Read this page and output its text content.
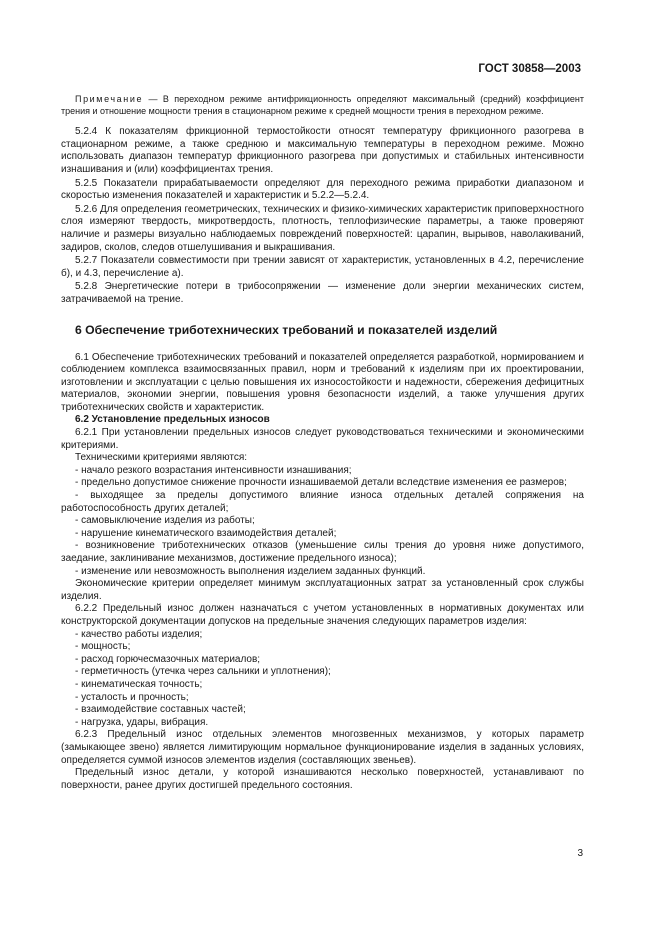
ГОСТ 30858—2003

Примечание — В переходном режиме антифрикционность определяют максимальный (средний) коэффициент трения и отношение мощности трения в стационарном режиме к средней мощности трения в переходном режиме.

5.2.4 К показателям фрикционной термостойкости относят температуру фрикционного разогрева в стационарном режиме, а также среднюю и максимальную температуры в переходном режиме. Можно использовать диапазон температур фрикционного разогрева при допустимых и стабильных интенсивности изнашивания и (или) коэффициентах трения.

5.2.5 Показатели прирабатываемости определяют для переходного режима приработки диапазоном и скоростью изменения показателей и характеристик и 5.2.2—5.2.4.

5.2.6 Для определения геометрических, технических и физико-химических характеристик приповерхностного слоя измеряют твердость, микротвердость, плотность, теплофизические параметры, а также проверяют наличие и размеры визуально наблюдаемых повреждений поверхностей: царапин, вырывов, наволакиваний, задиров, сколов, следов отшелушивания и выкрашивания.

5.2.7 Показатели совместимости при трении зависят от характеристик, установленных в 4.2, перечисление б), и 4.3, перечисление а).

5.2.8 Энергетические потери в трибосопряжении — изменение доли энергии механических систем, затрачиваемой на трение.

6 Обеспечение триботехнических требований и показателей изделий

6.1 Обеспечение триботехнических требований и показателей определяется разработкой, нормированием и соблюдением комплекса взаимосвязанных правил, норм и требований к изделиям при их проектировании, изготовлении и эксплуатации с целью повышения их износостойкости и надежности, сбережения дефицитных материалов, экономии энергии, повышения уровня безопасности изделий, а также улучшения других триботехнических свойств и характеристик.

6.2 Установление предельных износов

6.2.1 При установлении предельных износов следует руководствоваться техническими и экономическими критериями.

Техническими критериями являются:

- начало резкого возрастания интенсивности изнашивания;

- предельно допустимое снижение прочности изнашиваемой детали вследствие изменения ее размеров;

- выходящее за пределы допустимого влияние износа отдельных деталей сопряжения на работоспособность других деталей;

- самовыключение изделия из работы;

- нарушение кинематического взаимодействия деталей;

- возникновение триботехнических отказов (уменьшение силы трения до уровня ниже допустимого, заедание, заклинивание механизмов, достижение предельного износа);

- изменение или невозможность выполнения изделием заданных функций.

Экономические критерии определяет минимум эксплуатационных затрат за установленный срок службы изделия.

6.2.2 Предельный износ должен назначаться с учетом установленных в нормативных документах или конструкторской документации допусков на предельные значения следующих параметров изделия:

- качество работы изделия;

- мощность;

- расход горючесмазочных материалов;

- герметичность (утечка через сальники и уплотнения);

- кинематическая точность;

- усталость и прочность;

- взаимодействие составных частей;

- нагрузка, удары, вибрация.

6.2.3 Предельный износ отдельных элементов многозвенных механизмов, у которых параметр (замыкающее звено) является лимитирующим нормальное функционирование изделия в заданных условиях, определяется суммой износов элементов изделия (составляющих звеньев).

Предельный износ детали, у которой изнашиваются несколько поверхностей, устанавливают по поверхности, ранее других достигшей предельного состояния.

3
